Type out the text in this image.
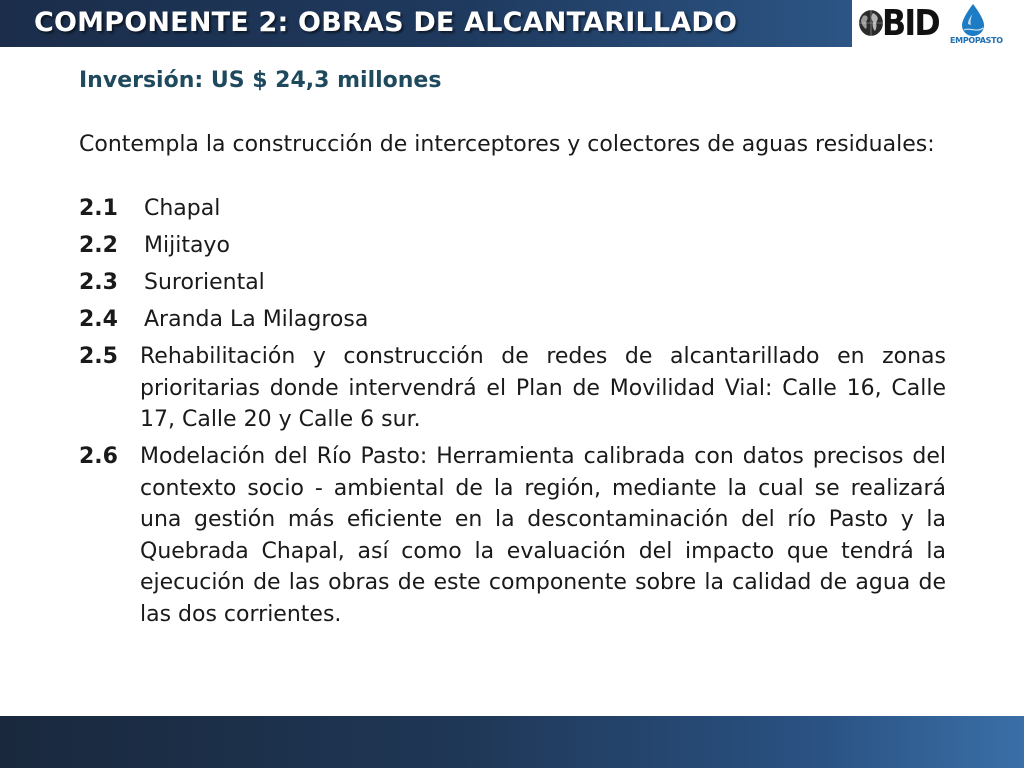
COMPONENTE 2: OBRAS DE ALCANTARILLADO	BID EMPOPASTO

Inversión: US $ 24,3 millones

Contempla la construcción de interceptores y colectores de aguas residuales:

2.1	Chapal
2.2	Mijitayo
2.3	Suroriental
2.4	Aranda La Milagrosa
2.5	Rehabilitación y construcción de redes de alcantarillado en zonas prioritarias donde intervendrá el Plan de Movilidad Vial: Calle 16, Calle 17, Calle 20 y Calle 6 sur.
2.6	Modelación del Río Pasto: Herramienta calibrada con datos precisos del contexto socio - ambiental de la región, mediante la cual se realizará una gestión más eficiente en la descontaminación del río Pasto y la Quebrada Chapal, así como la evaluación del impacto que tendrá la ejecución de las obras de este componente sobre la calidad de agua de las dos corrientes.
